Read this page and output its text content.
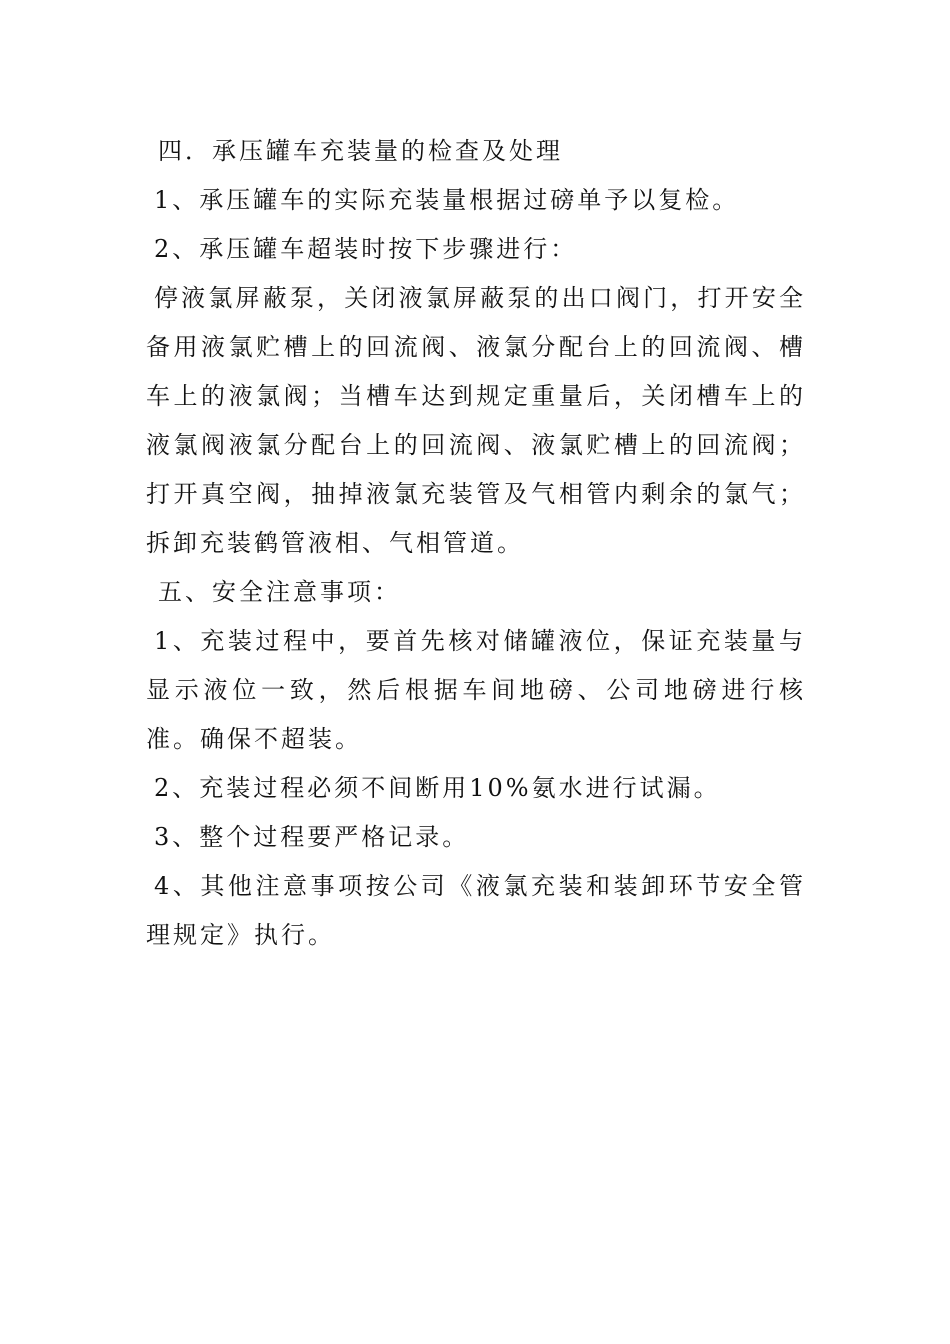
四．承压罐车充装量的检查及处理

1、承压罐车的实际充装量根据过磅单予以复检。

2、承压罐车超装时按下步骤进行：

停液氯屏蔽泵，关闭液氯屏蔽泵的出口阀门，打开安全备用液氯贮槽上的回流阀、液氯分配台上的回流阀、槽车上的液氯阀；当槽车达到规定重量后，关闭槽车上的液氯阀液氯分配台上的回流阀、液氯贮槽上的回流阀；打开真空阀，抽掉液氯充装管及气相管内剩余的氯气；拆卸充装鹤管液相、气相管道。

五、安全注意事项：

1、充装过程中，要首先核对储罐液位，保证充装量与显示液位一致，然后根据车间地磅、公司地磅进行核准。确保不超装。

2、充装过程必须不间断用10%氨水进行试漏。

3、整个过程要严格记录。

4、其他注意事项按公司《液氯充装和装卸环节安全管理规定》执行。
